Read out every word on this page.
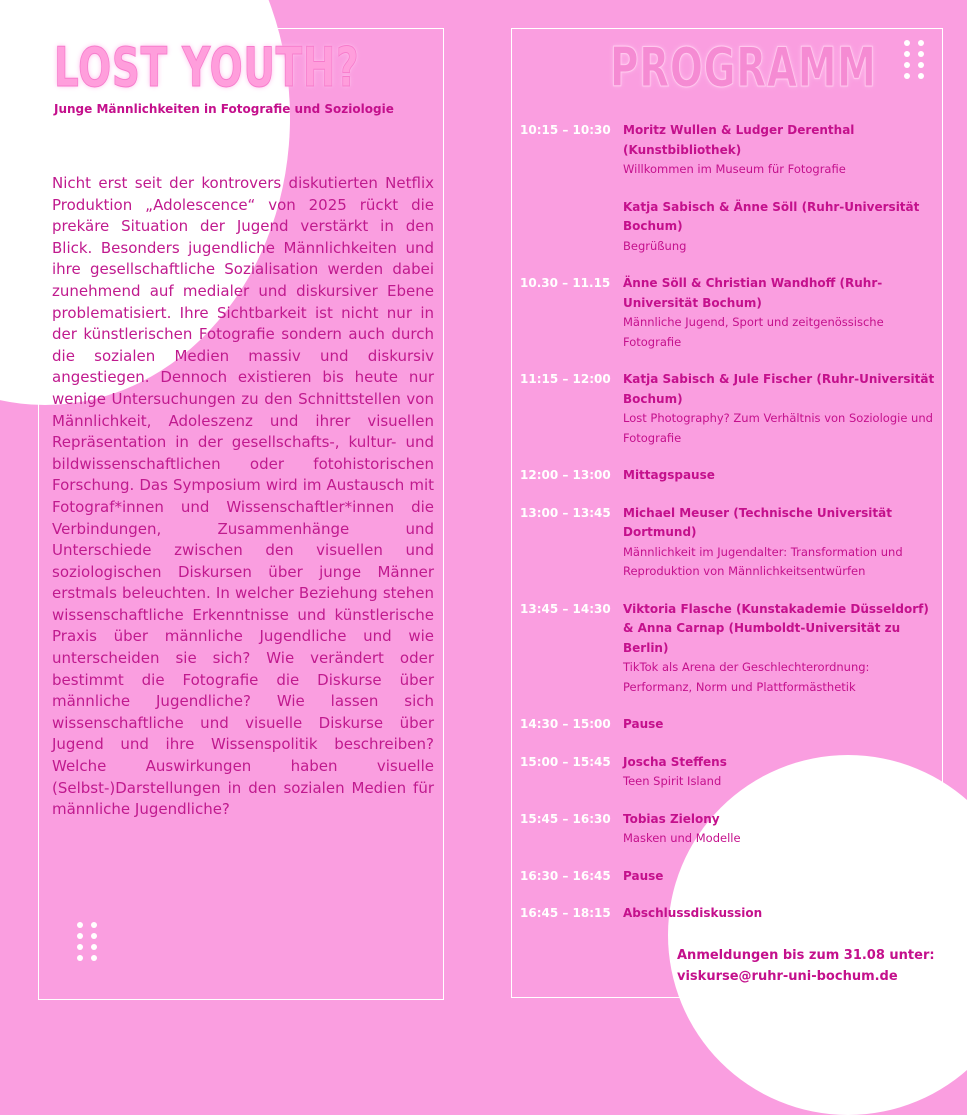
LOST YOUTH?

Junge Männlichkeiten in Fotografie und Soziologie

Nicht erst seit der kontrovers diskutierten Netflix Produktion „Adolescence“ von 2025 rückt die prekäre Situation der Jugend verstärkt in den Blick. Besonders jugendliche Männlichkeiten und ihre gesellschaftliche Sozialisation werden dabei zunehmend auf medialer und diskursiver Ebene problematisiert. Ihre Sichtbarkeit ist nicht nur in der künstlerischen Fotografie sondern auch durch die sozialen Medien massiv und diskursiv angestiegen. Dennoch existieren bis heute nur wenige Untersuchungen zu den Schnittstellen von Männlichkeit, Adoleszenz und ihrer visuellen Repräsentation in der gesellschafts-, kultur- und bildwissenschaftlichen oder fotohistorischen Forschung. Das Symposium wird im Austausch mit Fotograf*innen und Wissenschaftler*innen die Verbindungen, Zusammenhänge und Unterschiede zwischen den visuellen und soziologischen Diskursen über junge Männer erstmals beleuchten. In welcher Beziehung stehen wissenschaftliche Erkenntnisse und künstlerische Praxis über männliche Jugendliche und wie unterscheiden sie sich? Wie verändert oder bestimmt die Fotografie die Diskurse über männliche Jugendliche? Wie lassen sich wissenschaftliche und visuelle Diskurse über Jugend und ihre Wissenspolitik beschreiben? Welche Auswirkungen haben visuelle (Selbst-)Darstellungen in den sozialen Medien für männliche Jugendliche?

PROGRAMM
10:15 – 10:30	Moritz Wullen & Ludger Derenthal (Kunstbibliothek)
Willkommen im Museum für Fotografie
Katja Sabisch & Änne Söll (Ruhr-Universität Bochum)
Begrüßung
10.30 – 11.15	Änne Söll & Christian Wandhoff (Ruhr-Universität Bochum)
Männliche Jugend, Sport und zeitgenössische Fotografie
11:15 – 12:00	Katja Sabisch & Jule Fischer (Ruhr-Universität Bochum)
Lost Photography? Zum Verhältnis von Soziologie und Fotografie
12:00 – 13:00	Mittagspause
13:00 – 13:45	Michael Meuser (Technische Universität Dortmund)
Männlichkeit im Jugendalter: Transformation und Reproduktion von Männlichkeitsentwürfen
13:45 – 14:30	Viktoria Flasche (Kunstakademie Düsseldorf) & Anna Carnap (Humboldt-Universität zu Berlin)
TikTok als Arena der Geschlechterordnung: Performanz, Norm und Plattformästhetik
14:30 – 15:00	Pause
15:00 – 15:45	Joscha Steffens
Teen Spirit Island
15:45 – 16:30	Tobias Zielony
Masken und Modelle
16:30 – 16:45	Pause
16:45 – 18:15	Abschlussdiskussion

Anmeldungen bis zum 31.08 unter:
viskurse@ruhr-uni-bochum.de
